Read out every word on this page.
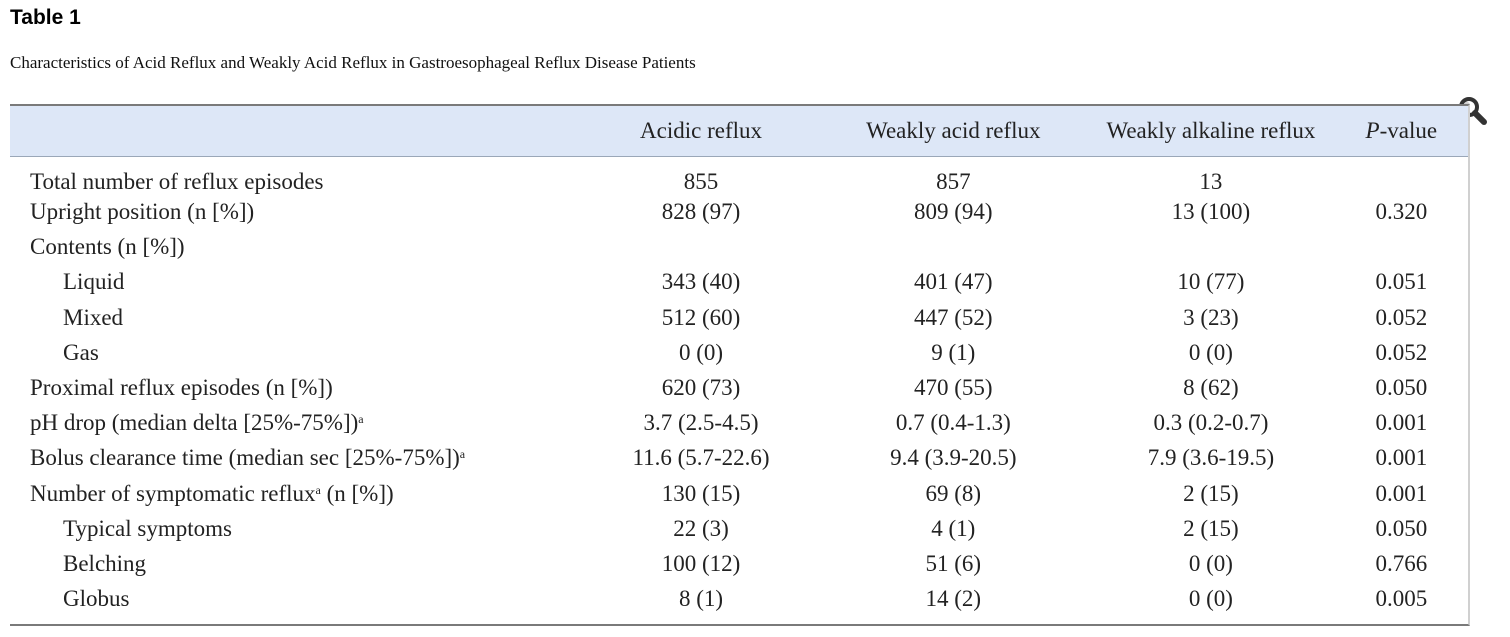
Table 1
Characteristics of Acid Reflux and Weakly Acid Reflux in Gastroesophageal Reflux Disease Patients
	Acidic reflux	Weakly acid reflux	Weakly alkaline reflux	P-value
Total number of reflux episodes	855	857	13	
Upright position (n [%])	828 (97)	809 (94)	13 (100)	0.320
Contents (n [%])				
Liquid	343 (40)	401 (47)	10 (77)	0.051
Mixed	512 (60)	447 (52)	3 (23)	0.052
Gas	0 (0)	9 (1)	0 (0)	0.052
Proximal reflux episodes (n [%])	620 (73)	470 (55)	8 (62)	0.050
pH drop (median delta [25%-75%])$^a$	3.7 (2.5-4.5)	0.7 (0.4-1.3)	0.3 (0.2-0.7)	0.001
Bolus clearance time (median sec [25%-75%])$^a$	11.6 (5.7-22.6)	9.4 (3.9-20.5)	7.9 (3.6-19.5)	0.001
Number of symptomatic reflux$^a$ (n [%])	130 (15)	69 (8)	2 (15)	0.001
Typical symptoms	22 (3)	4 (1)	2 (15)	0.050
Belching	100 (12)	51 (6)	0 (0)	0.766
Globus	8 (1)	14 (2)	0 (0)	0.005
